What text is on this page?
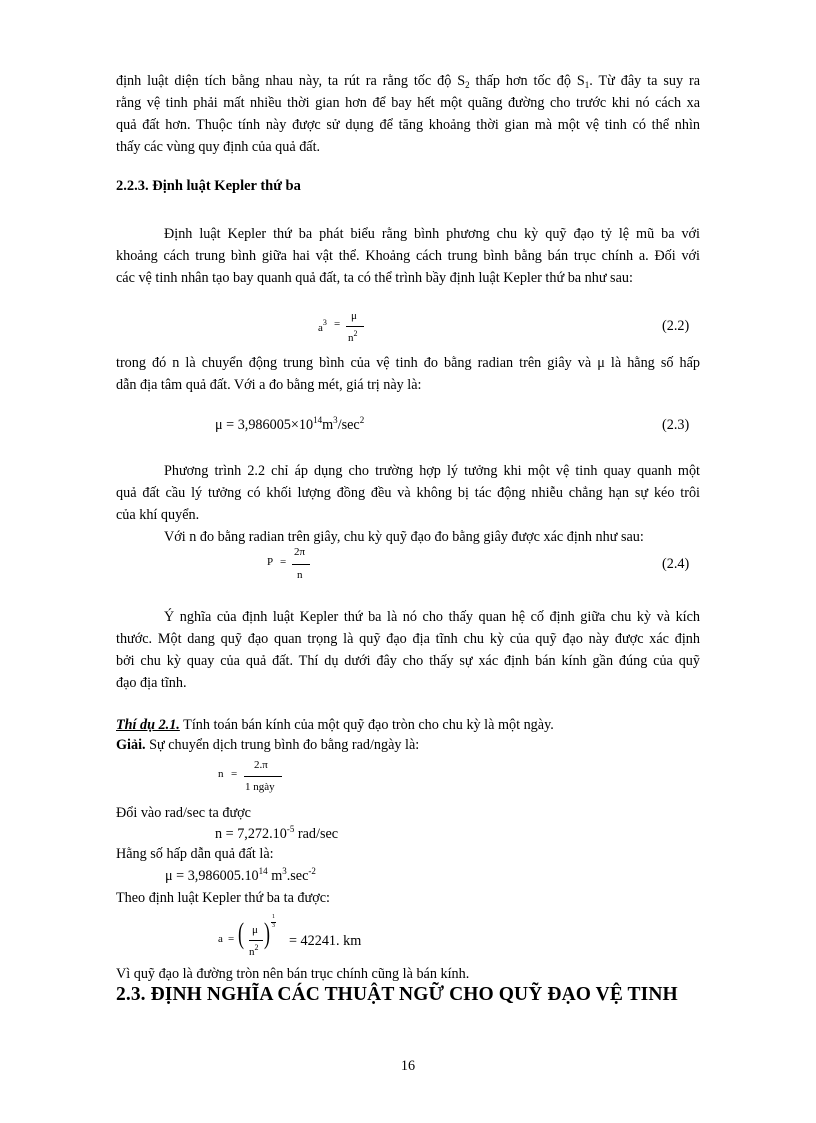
định luật diện tích bằng nhau này, ta rút ra rằng tốc độ $S_2$ thấp hơn tốc độ $S_1$. Từ đây ta suy ra
rằng vệ tinh phải mất nhiều thời gian hơn để bay hết một quãng đường cho trước khi nó cách xa
quả đất hơn. Thuộc tính này được sử dụng để tăng khoảng thời gian mà một vệ tinh có thể nhìn
thấy các vùng quy định của quả đất.
2.2.3. Định luật Kepler thứ ba
Định luật Kepler thứ ba phát biểu rằng bình phương chu kỳ quỹ đạo tỷ lệ mũ ba với
khoảng cách trung bình giữa hai vật thể. Khoảng cách trung bình bằng bán trục chính a. Đối với
các vệ tinh nhân tạo bay quanh quả đất, ta có thể trình bầy định luật Kepler thứ ba như sau:
$a^3$ =
μ
$n^2$	(2.2)
trong đó n là chuyển động trung bình của vệ tinh đo bằng radian trên giây và μ là hằng số hấp
dẫn địa tâm quả đất. Với a đo bằng mét, giá trị này là:
$\mu = 3,986005\times 10^{14}m^3/\sec^2$	(2.3)
Phương trình 2.2 chỉ áp dụng cho trường hợp lý tưởng khi một vệ tinh quay quanh một
quả đất cầu lý tưởng có khối lượng đồng đều và không bị tác động nhiễu chẳng hạn sự kéo trôi
của khí quyển.
Với n đo bằng radian trên giây, chu kỳ quỹ đạo đo bằng giây được xác định như sau:
P =
2π
n
(2.4)
Ý nghĩa của định luật Kepler thứ ba là nó cho thấy quan hệ cố định giữa chu kỳ và kích
thước. Một dang quỹ đạo quan trọng là quỹ đạo địa tĩnh chu kỳ của quỹ đạo này được xác định
bởi chu kỳ quay của quả đất. Thí dụ dưới đây cho thấy sự xác định bán kính gần đúng của quỹ
đạo địa tĩnh.
Thí dụ 2.1. Tính toán bán kính của một quỹ đạo tròn cho chu kỳ là một ngày.
Giải. Sự chuyển dịch trung bình đo bằng rad/ngày là:
n =
2.π
1 ngày
Đổi vào rad/sec ta được
$n = 7,272.10^{-5}$ rad/sec
Hằng số hấp dẫn quả đất là:
$\mu = 3,986005.10^{14}$ $m^3.\sec^{-2}$
Theo định luật Kepler thứ ba ta được:
a = ( μ
$n^2$ ) 1
3
= 42241. km
Vì quỹ đạo là đường tròn nên bán trục chính cũng là bán kính.
2.3. ĐỊNH NGHĨA CÁC THUẬT NGỮ CHO QUỸ ĐẠO VỆ TINH
16
